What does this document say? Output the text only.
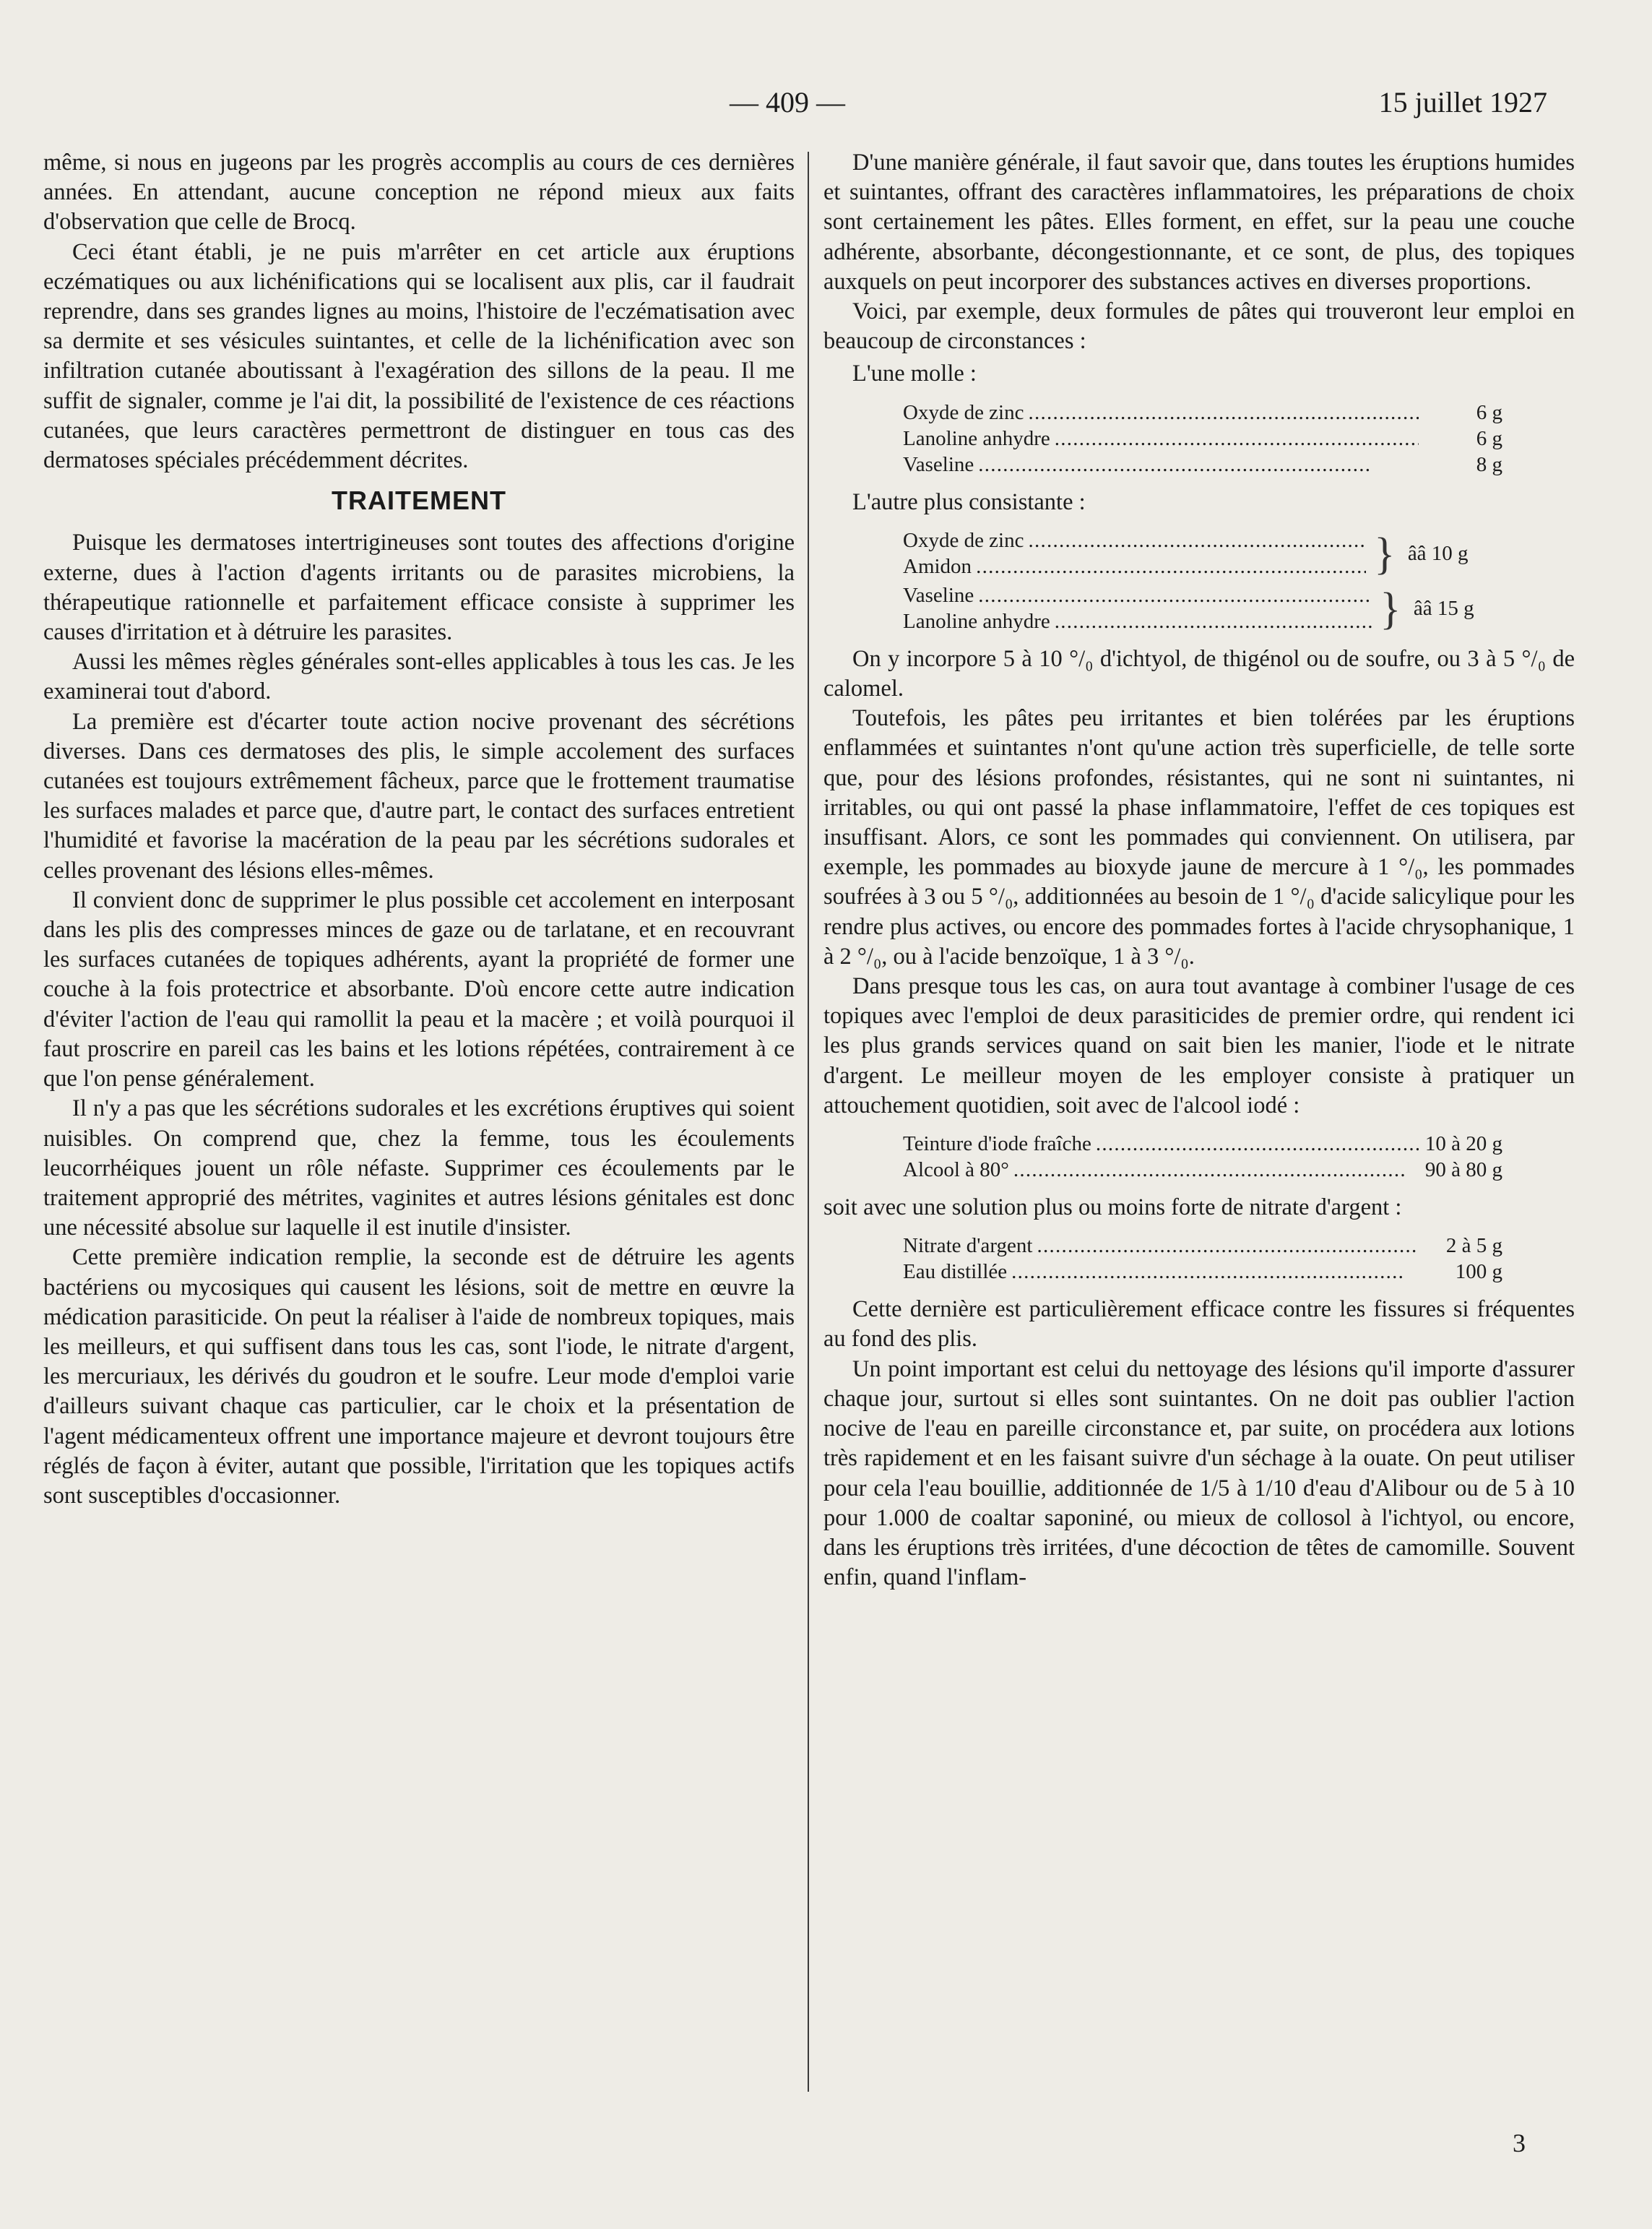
— 409 —	15 juillet 1927

même, si nous en jugeons par les progrès accomplis au cours de ces dernières années. En attendant, aucune conception ne répond mieux aux faits d'observation que celle de Brocq.

Ceci étant établi, je ne puis m'arrêter en cet article aux éruptions eczématiques ou aux lichénifications qui se localisent aux plis, car il faudrait reprendre, dans ses grandes lignes au moins, l'histoire de l'eczématisation avec sa dermite et ses vésicules suintantes, et celle de la lichénification avec son infiltration cutanée aboutissant à l'exagération des sillons de la peau. Il me suffit de signaler, comme je l'ai dit, la possibilité de l'existence de ces réactions cutanées, que leurs caractères permettront de distinguer en tous cas des dermatoses spéciales précédemment décrites.

TRAITEMENT

Puisque les dermatoses intertrigineuses sont toutes des affections d'origine externe, dues à l'action d'agents irritants ou de parasites microbiens, la thérapeutique rationnelle et parfaitement efficace consiste à supprimer les causes d'irritation et à détruire les parasites.

Aussi les mêmes règles générales sont-elles applicables à tous les cas. Je les examinerai tout d'abord.

La première est d'écarter toute action nocive provenant des sécrétions diverses. Dans ces dermatoses des plis, le simple accolement des surfaces cutanées est toujours extrêmement fâcheux, parce que le frottement traumatise les surfaces malades et parce que, d'autre part, le contact des surfaces entretient l'humidité et favorise la macération de la peau par les sécrétions sudorales et celles provenant des lésions elles-mêmes.

Il convient donc de supprimer le plus possible cet accolement en interposant dans les plis des compresses minces de gaze ou de tarlatane, et en recouvrant les surfaces cutanées de topiques adhérents, ayant la propriété de former une couche à la fois protectrice et absorbante. D'où encore cette autre indication d'éviter l'action de l'eau qui ramollit la peau et la macère ; et voilà pourquoi il faut proscrire en pareil cas les bains et les lotions répétées, contrairement à ce que l'on pense généralement.

Il n'y a pas que les sécrétions sudorales et les excrétions éruptives qui soient nuisibles. On comprend que, chez la femme, tous les écoulements leucorrhéiques jouent un rôle néfaste. Supprimer ces écoulements par le traitement approprié des métrites, vaginites et autres lésions génitales est donc une nécessité absolue sur laquelle il est inutile d'insister.

Cette première indication remplie, la seconde est de détruire les agents bactériens ou mycosiques qui causent les lésions, soit de mettre en œuvre la médication parasiticide. On peut la réaliser à l'aide de nombreux topiques, mais les meilleurs, et qui suffisent dans tous les cas, sont l'iode, le nitrate d'argent, les mercuriaux, les dérivés du goudron et le soufre. Leur mode d'emploi varie d'ailleurs suivant chaque cas particulier, car le choix et la présentation de l'agent médicamenteux offrent une importance majeure et devront toujours être réglés de façon à éviter, autant que possible, l'irritation que les topiques actifs sont susceptibles d'occasionner.

D'une manière générale, il faut savoir que, dans toutes les éruptions humides et suintantes, offrant des caractères inflammatoires, les préparations de choix sont certainement les pâtes. Elles forment, en effet, sur la peau une couche adhérente, absorbante, décongestionnante, et ce sont, de plus, des topiques auxquels on peut incorporer des substances actives en diverses proportions.

Voici, par exemple, deux formules de pâtes qui trouveront leur emploi en beaucoup de circonstances :

L'une molle :

Oxyde de zinc . . .	6 g
Lanoline anhydre . . .	6 g
Vaseline . . .	8 g

L'autre plus consistante :

Oxyde de zinc
. . .
Amidon . . .	} ââ 10 g
Vaseline
. . .
Lanoline anhydre . . .	} ââ 15 g

On y incorpore 5 à 10 °/₀ d'ichtyol, de thigénol ou de soufre, ou 3 à 5 °/₀ de calomel.

Toutefois, les pâtes peu irritantes et bien tolérées par les éruptions enflammées et suintantes n'ont qu'une action très superficielle, de telle sorte que, pour des lésions profondes, résistantes, qui ne sont ni suintantes, ni irritables, ou qui ont passé la phase inflammatoire, l'effet de ces topiques est insuffisant. Alors, ce sont les pommades qui conviennent. On utilisera, par exemple, les pommades au bioxyde jaune de mercure à 1 °/₀, les pommades soufrées à 3 ou 5 °/₀, additionnées au besoin de 1 °/₀ d'acide salicylique pour les rendre plus actives, ou encore des pommades fortes à l'acide chrysophanique, 1 à 2 °/₀, ou à l'acide benzoïque, 1 à 3 °/₀.

Dans presque tous les cas, on aura tout avantage à combiner l'usage de ces topiques avec l'emploi de deux parasiticides de premier ordre, qui rendent ici les plus grands services quand on sait bien les manier, l'iode et le nitrate d'argent. Le meilleur moyen de les employer consiste à pratiquer un attouchement quotidien, soit avec de l'alcool iodé :

Teinture d'iode fraîche . . .	10 à 20 g
Alcool à 80° . . .	90 à 80 g

soit avec une solution plus ou moins forte de nitrate d'argent :

Nitrate d'argent . . .	2 à 5 g
Eau distillée . . .	100 g

Cette dernière est particulièrement efficace contre les fissures si fréquentes au fond des plis.

Un point important est celui du nettoyage des lésions qu'il importe d'assurer chaque jour, surtout si elles sont suintantes. On ne doit pas oublier l'action nocive de l'eau en pareille circonstance et, par suite, on procédera aux lotions très rapidement et en les faisant suivre d'un séchage à la ouate. On peut utiliser pour cela l'eau bouillie, additionnée de 1/5 à 1/10 d'eau d'Alibour ou de 5 à 10 pour 1.000 de coaltar saponiné, ou mieux de collosol à l'ichtyol, ou encore, dans les éruptions très irritées, d'une décoction de têtes de camomille. Souvent enfin, quand l'inflam-

3
